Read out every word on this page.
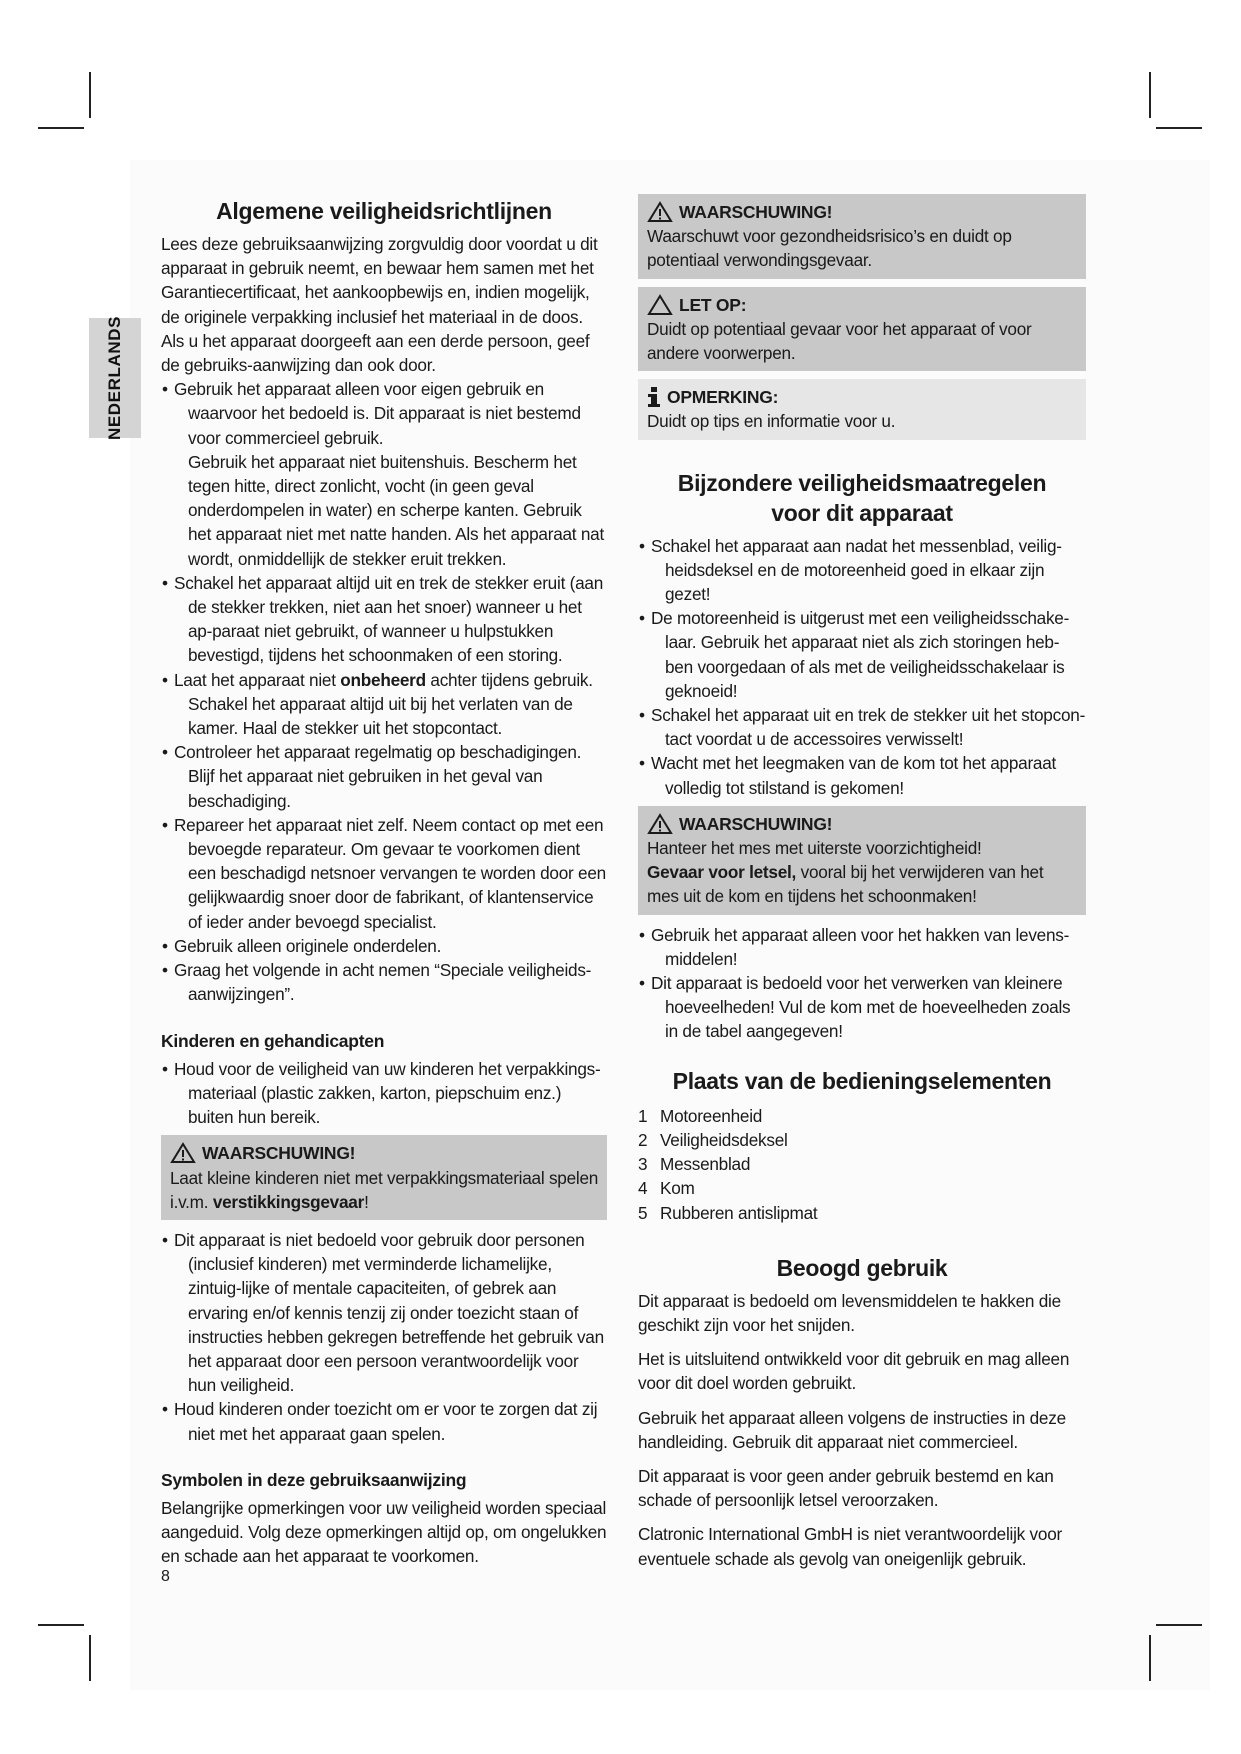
NEDERLANDS
Algemene veiligheidsrichtlijnen

Lees deze gebruiksaanwijzing zorgvuldig door voordat u dit apparaat in gebruik neemt, en bewaar hem samen met het Garantiecertificaat, het aankoopbewijs en, indien mogelijk, de originele verpakking inclusief het materiaal in de doos. Als u het apparaat doorgeeft aan een derde persoon, geef de gebruiks-aanwijzing dan ook door.

• Gebruik het apparaat alleen voor eigen gebruik en waarvoor het bedoeld is. Dit apparaat is niet bestemd voor commercieel gebruik.
Gebruik het apparaat niet buitenshuis. Bescherm het tegen hitte, direct zonlicht, vocht (in geen geval onderdompelen in water) en scherpe kanten. Gebruik het apparaat niet met natte handen. Als het apparaat nat wordt, onmiddellijk de stekker eruit trekken.
• Schakel het apparaat altijd uit en trek de stekker eruit (aan de stekker trekken, niet aan het snoer) wanneer u het ap-paraat niet gebruikt, of wanneer u hulpstukken bevestigd, tijdens het schoonmaken of een storing.
• Laat het apparaat niet onbeheerd achter tijdens gebruik. Schakel het apparaat altijd uit bij het verlaten van de kamer. Haal de stekker uit het stopcontact.
• Controleer het apparaat regelmatig op beschadigingen. Blijf het apparaat niet gebruiken in het geval van beschadiging.
• Repareer het apparaat niet zelf. Neem contact op met een bevoegde reparateur. Om gevaar te voorkomen dient een beschadigd netsnoer vervangen te worden door een gelijkwaardig snoer door de fabrikant, of klantenservice of ieder ander bevoegd specialist.
• Gebruik alleen originele onderdelen.
• Graag het volgende in acht nemen “Speciale veiligheids-aanwijzingen”.
Kinderen en gehandicapten
• Houd voor de veiligheid van uw kinderen het verpakkings-materiaal (plastic zakken, karton, piepschuim enz.) buiten hun bereik.
WAARSCHUWING!

Laat kleine kinderen niet met verpakkingsmateriaal spelen i.v.m. verstikkingsgevaar!

• Dit apparaat is niet bedoeld voor gebruik door personen (inclusief kinderen) met verminderde lichamelijke, zintuig-lijke of mentale capaciteiten, of gebrek aan ervaring en/of kennis tenzij zij onder toezicht staan of instructies hebben gekregen betreffende het gebruik van het apparaat door een persoon verantwoordelijk voor hun veiligheid.
• Houd kinderen onder toezicht om er voor te zorgen dat zij niet met het apparaat gaan spelen.
Symbolen in deze gebruiksaanwijzing

Belangrijke opmerkingen voor uw veiligheid worden speciaal aangeduid. Volg deze opmerkingen altijd op, om ongelukken en schade aan het apparaat te voorkomen.

WAARSCHUWING!

Waarschuwt voor gezondheidsrisico’s en duidt op potentiaal verwondingsgevaar.

LET OP:

Duidt op potentiaal gevaar voor het apparaat of voor andere voorwerpen.

OPMERKING:

Duidt op tips en informatie voor u.

Bijzondere veiligheidsmaatregelen
voor dit apparaat
• Schakel het apparaat aan nadat het messenblad, veilig-heidsdeksel en de motoreenheid goed in elkaar zijn gezet!
• De motoreenheid is uitgerust met een veiligheidsschake-laar. Gebruik het apparaat niet als zich storingen heb-ben voorgedaan of als met de veiligheidsschakelaar is geknoeid!
• Schakel het apparaat uit en trek de stekker uit het stopcon-tact voordat u de accessoires verwisselt!
• Wacht met het leegmaken van de kom tot het apparaat volledig tot stilstand is gekomen!
WAARSCHUWING!

Hanteer het mes met uiterste voorzichtigheid!

Gevaar voor letsel, vooral bij het verwijderen van het mes uit de kom en tijdens het schoonmaken!

• Gebruik het apparaat alleen voor het hakken van levens-middelen!
• Dit apparaat is bedoeld voor het verwerken van kleinere hoeveelheden! Vul de kom met de hoeveelheden zoals in de tabel aangegeven!
Plaats van de bedieningselementen
1 Motoreenheid
2 Veiligheidsdeksel
3 Messenblad
4 Kom
5 Rubberen antislipmat
Beoogd gebruik

Dit apparaat is bedoeld om levensmiddelen te hakken die geschikt zijn voor het snijden.

Het is uitsluitend ontwikkeld voor dit gebruik en mag alleen voor dit doel worden gebruikt.

Gebruik het apparaat alleen volgens de instructies in deze handleiding. Gebruik dit apparaat niet commercieel.

Dit apparaat is voor geen ander gebruik bestemd en kan schade of persoonlijk letsel veroorzaken.

Clatronic International GmbH is niet verantwoordelijk voor eventuele schade als gevolg van oneigenlijk gebruik.

8
